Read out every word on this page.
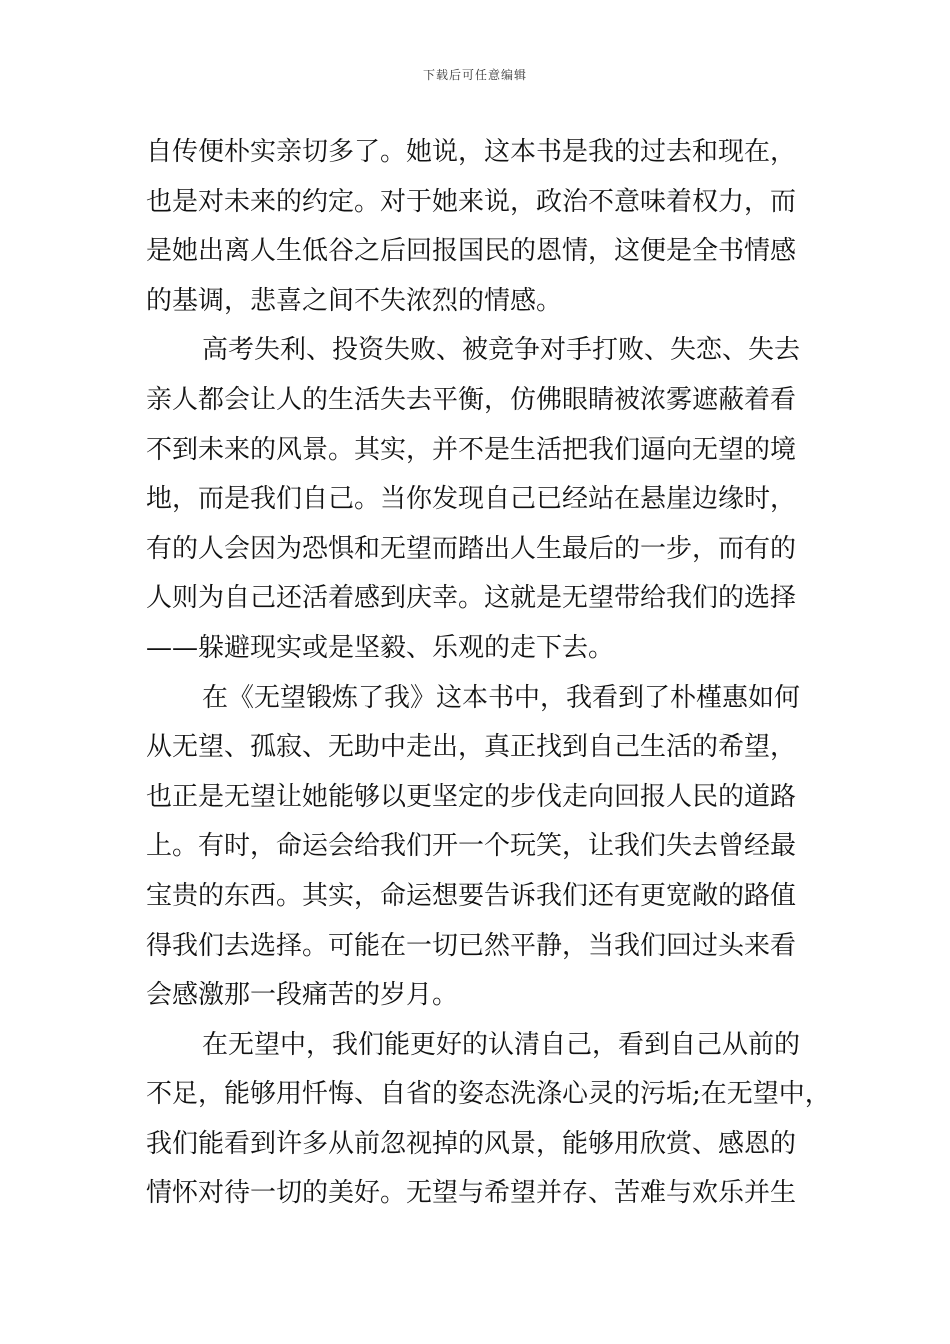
下载后可任意编辑
自传便朴实亲切多了。她说，这本书是我的过去和现在，
也是对未来的约定。对于她来说，政治不意味着权力，而
是她出离人生低谷之后回报国民的恩情，这便是全书情感
的基调，悲喜之间不失浓烈的情感。
高考失利、投资失败、被竞争对手打败、失恋、失去
亲人都会让人的生活失去平衡，仿佛眼睛被浓雾遮蔽着看
不到未来的风景。其实，并不是生活把我们逼向无望的境
地，而是我们自己。当你发现自己已经站在悬崖边缘时，
有的人会因为恐惧和无望而踏出人生最后的一步，而有的
人则为自己还活着感到庆幸。这就是无望带给我们的选择
——躲避现实或是坚毅、乐观的走下去。
在《无望锻炼了我》这本书中，我看到了朴槿惠如何
从无望、孤寂、无助中走出，真正找到自己生活的希望，
也正是无望让她能够以更坚定的步伐走向回报人民的道路
上。有时，命运会给我们开一个玩笑，让我们失去曾经最
宝贵的东西。其实，命运想要告诉我们还有更宽敞的路值
得我们去选择。可能在一切已然平静，当我们回过头来看
会感激那一段痛苦的岁月。
在无望中，我们能更好的认清自己，看到自己从前的
不足，能够用忏悔、自省的姿态洗涤心灵的污垢;在无望中，
我们能看到许多从前忽视掉的风景，能够用欣赏、感恩的
情怀对待一切的美好。无望与希望并存、苦难与欢乐并生
